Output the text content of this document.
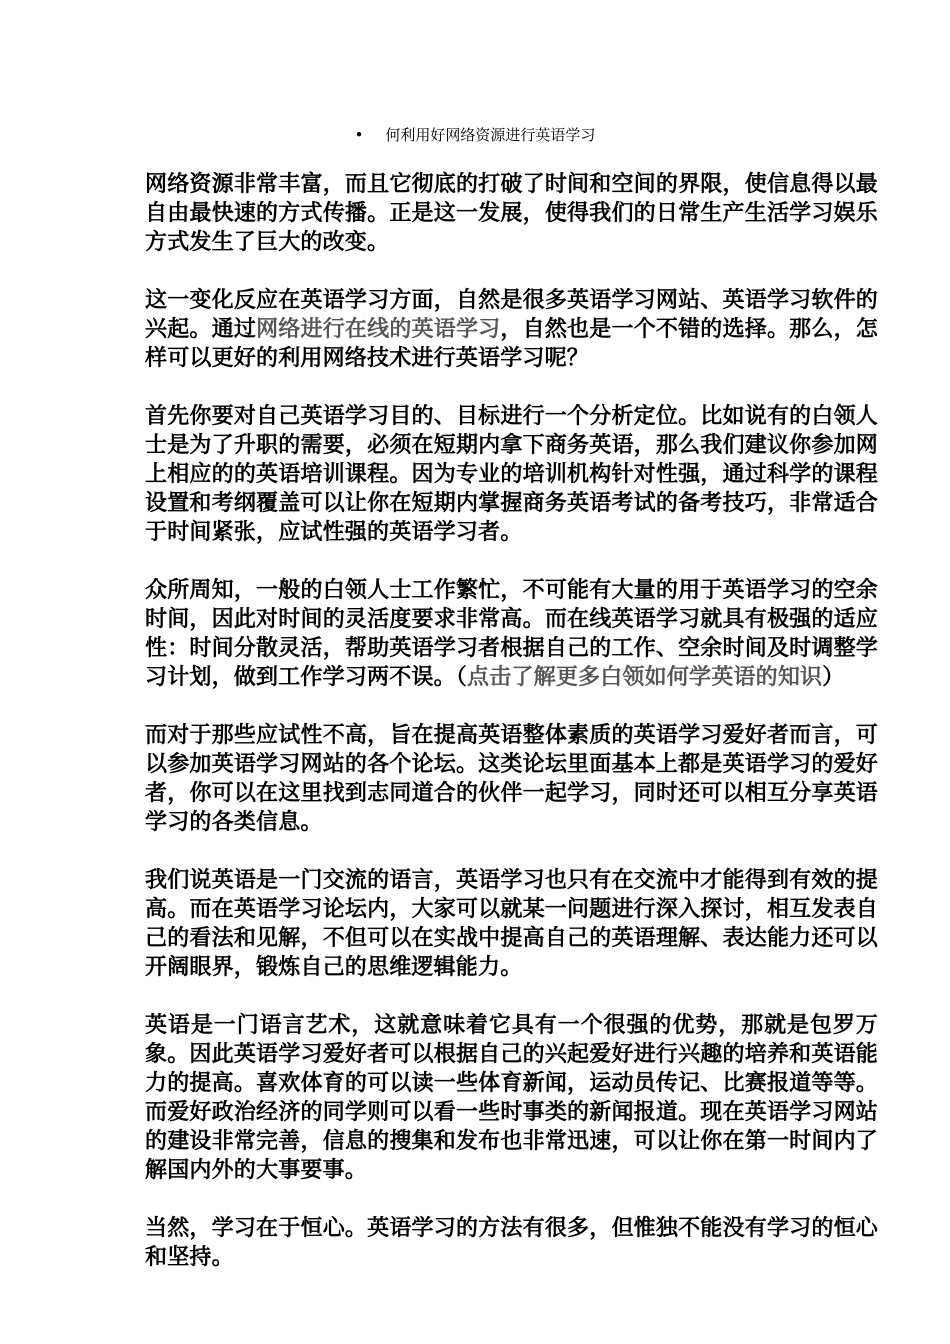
• 何利用好网络资源进行英语学习

网络资源非常丰富，而且它彻底的打破了时间和空间的界限，使信息得以最自由最快速的方式传播。正是这一发展，使得我们的日常生产生活学习娱乐方式发生了巨大的改变。

这一变化反应在英语学习方面，自然是很多英语学习网站、英语学习软件的兴起。通过网络进行在线的英语学习，自然也是一个不错的选择。那么，怎样可以更好的利用网络技术进行英语学习呢？

首先你要对自己英语学习目的、目标进行一个分析定位。比如说有的白领人士是为了升职的需要，必须在短期内拿下商务英语，那么我们建议你参加网上相应的的英语培训课程。因为专业的培训机构针对性强，通过科学的课程设置和考纲覆盖可以让你在短期内掌握商务英语考试的备考技巧，非常适合于时间紧张，应试性强的英语学习者。

众所周知，一般的白领人士工作繁忙，不可能有大量的用于英语学习的空余时间，因此对时间的灵活度要求非常高。而在线英语学习就具有极强的适应性：时间分散灵活，帮助英语学习者根据自己的工作、空余时间及时调整学习计划，做到工作学习两不误。（点击了解更多白领如何学英语的知识）

而对于那些应试性不高，旨在提高英语整体素质的英语学习爱好者而言，可以参加英语学习网站的各个论坛。这类论坛里面基本上都是英语学习的爱好者，你可以在这里找到志同道合的伙伴一起学习，同时还可以相互分享英语学习的各类信息。

我们说英语是一门交流的语言，英语学习也只有在交流中才能得到有效的提高。而在英语学习论坛内，大家可以就某一问题进行深入探讨，相互发表自己的看法和见解，不但可以在实战中提高自己的英语理解、表达能力还可以开阔眼界，锻炼自己的思维逻辑能力。

英语是一门语言艺术，这就意味着它具有一个很强的优势，那就是包罗万象。因此英语学习爱好者可以根据自己的兴起爱好进行兴趣的培养和英语能力的提高。喜欢体育的可以读一些体育新闻，运动员传记、比赛报道等等。而爱好政治经济的同学则可以看一些时事类的新闻报道。现在英语学习网站的建设非常完善，信息的搜集和发布也非常迅速，可以让你在第一时间内了解国内外的大事要事。

当然，学习在于恒心。英语学习的方法有很多，但惟独不能没有学习的恒心和坚持。
